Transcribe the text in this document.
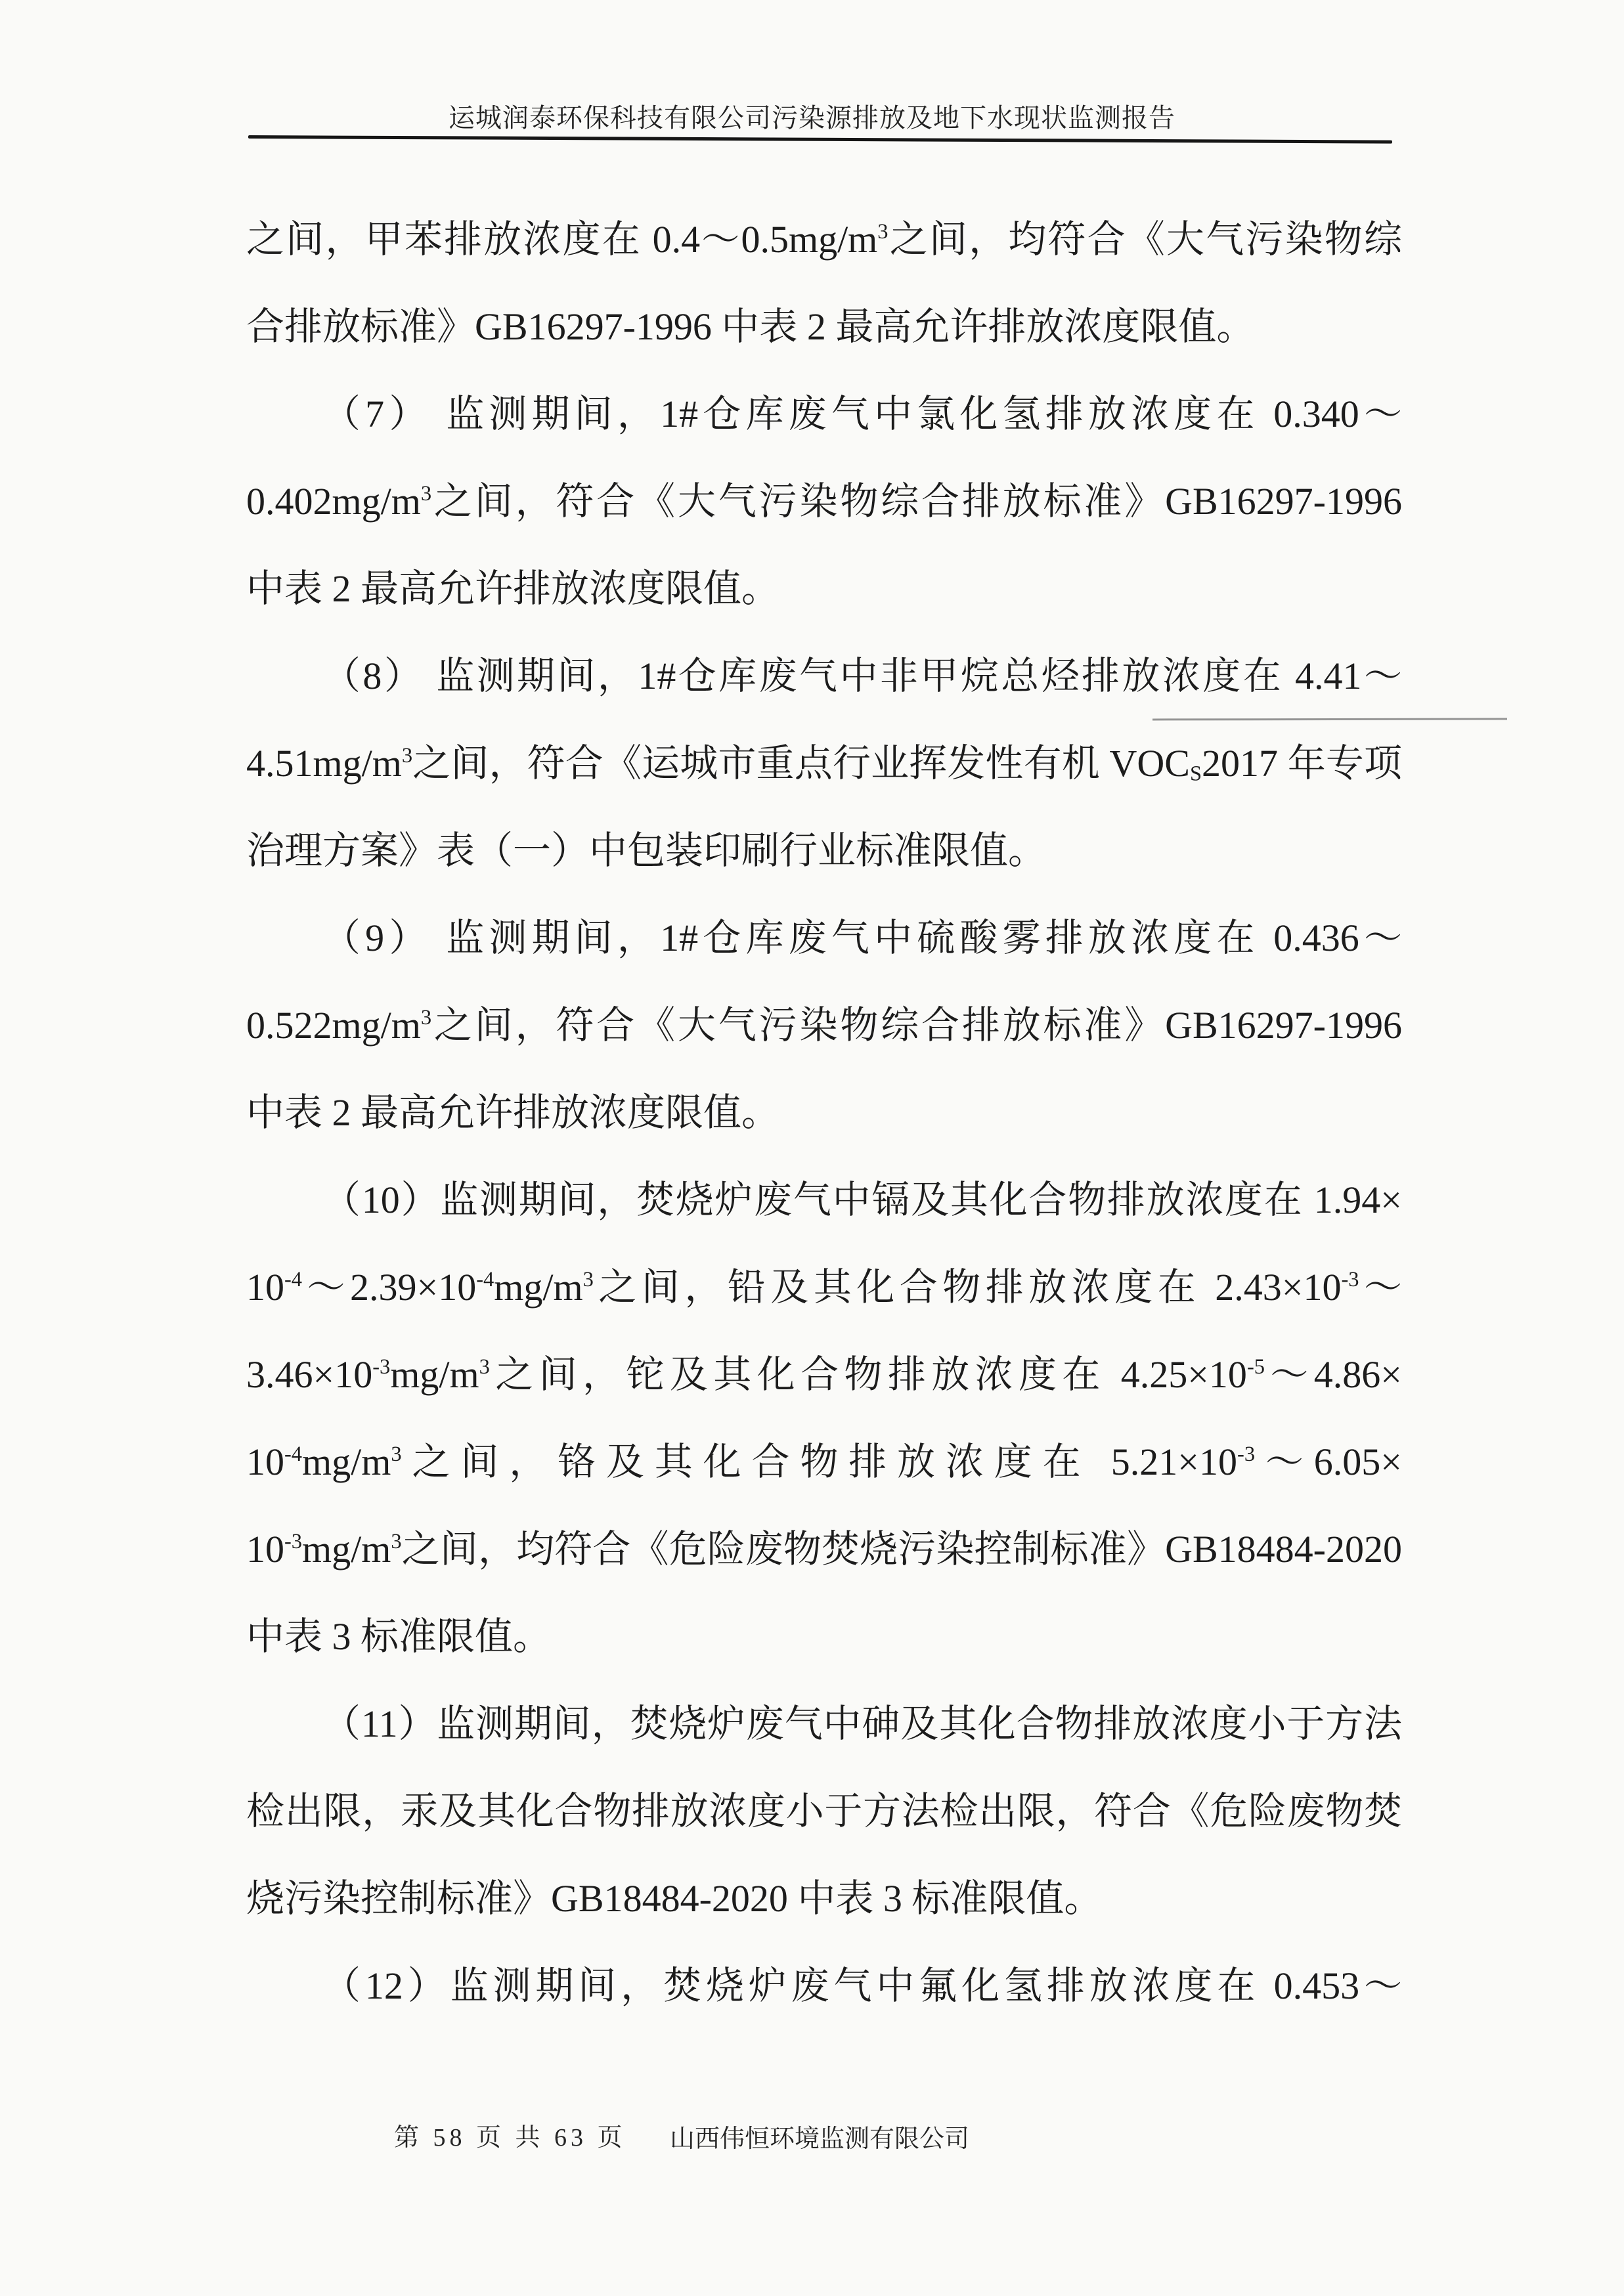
运城润泰环保科技有限公司污染源排放及地下水现状监测报告
之间，甲苯排放浓度在 $0.4\sim 0.5mg/m^3$之间，均符合《大气污染物综
合排放标准》GB16297-1996 中表 2 最高允许排放浓度限值。
（7） 监测期间，1#仓库废气中氯化氢排放浓度在 0.340～
$0.402mg/m^3$之间，符合《大气污染物综合排放标准》GB16297-1996
中表 2 最高允许排放浓度限值。
（8） 监测期间，1#仓库废气中非甲烷总烃排放浓度在 4.41～
$4.51mg/m^3$之间，符合《运城市重点行业挥发性有机 $VOC_S2017$ 年专项
治理方案》表（一）中包装印刷行业标准限值。
（9） 监测期间，1#仓库废气中硫酸雾排放浓度在 0.436～
$0.522mg/m^3$之间，符合《大气污染物综合排放标准》GB16297-1996
中表 2 最高允许排放浓度限值。
（10）监测期间，焚烧炉废气中镉及其化合物排放浓度在 1.94×
$10^{-4}\sim 2.39\times 10^{-4}mg/m^3$之间，铅及其化合物排放浓度在 $2.43\times 10^{-3}\sim$
$3.46\times 10^{-3}mg/m^3$之间，铊及其化合物排放浓度在 $4.25\times 10^{-5}\sim 4.86\times$
$10^{-4}mg/m^3$之间，铬及其化合物排放浓度在 $5.21\times 10^{-3}\sim 6.05\times$
$10^{-3}mg/m^3$之间，均符合《危险废物焚烧污染控制标准》GB18484-2020
中表 3 标准限值。
（11）监测期间，焚烧炉废气中砷及其化合物排放浓度小于方法
检出限，汞及其化合物排放浓度小于方法检出限，符合《危险废物焚
烧污染控制标准》GB18484-2020 中表 3 标准限值。
（12）监测期间，焚烧炉废气中氟化氢排放浓度在 0.453～
第 58 页 共 63 页 山西伟恒环境监测有限公司
